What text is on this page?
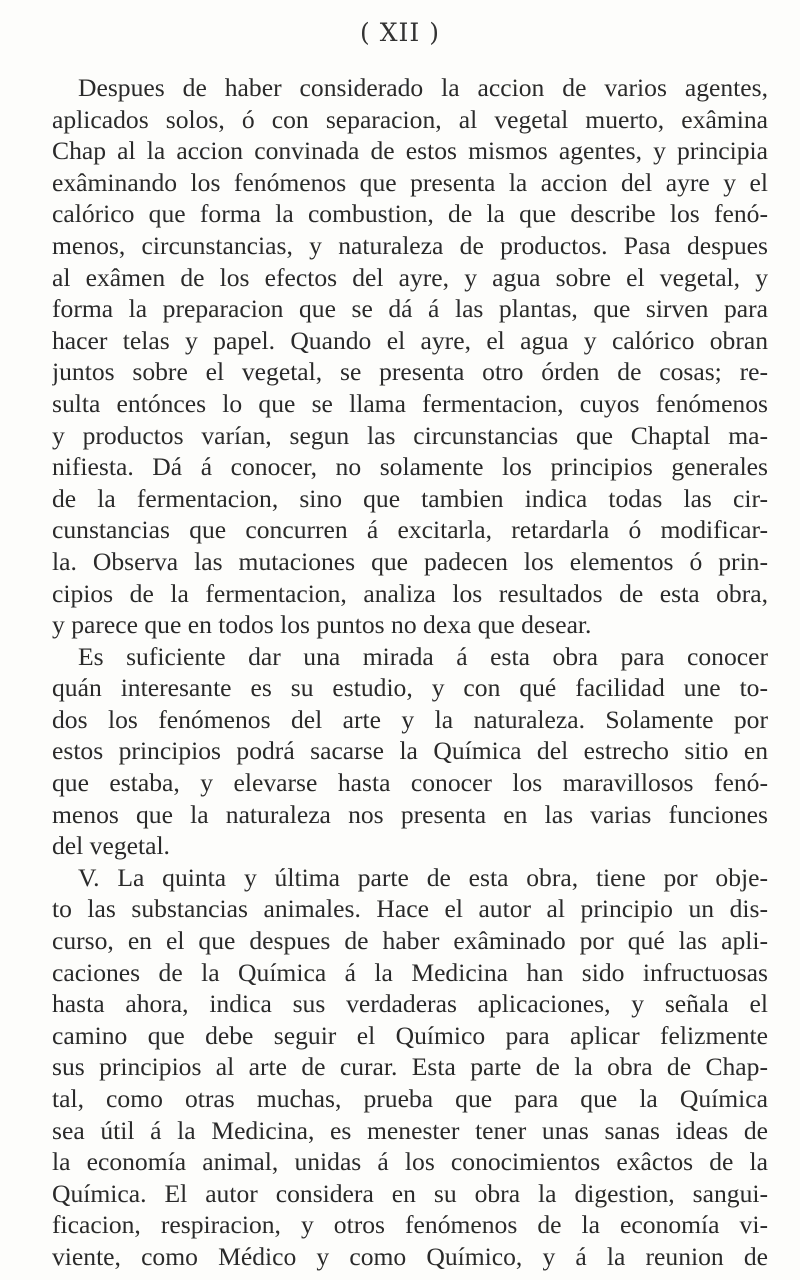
( XII )
Despues de haber considerado la accion de varios agentes,
aplicados solos, ó con separacion, al vegetal muerto, exâmina
Chap al la accion convinada de estos mismos agentes, y principia
exâminando los fenómenos que presenta la accion del ayre y el
calórico que forma la combustion, de la que describe los fenó-
menos, circunstancias, y naturaleza de productos. Pasa despues
al exâmen de los efectos del ayre, y agua sobre el vegetal, y
forma la preparacion que se dá á las plantas, que sirven para
hacer telas y papel. Quando el ayre, el agua y calórico obran
juntos sobre el vegetal, se presenta otro órden de cosas; re-
sulta entónces lo que se llama fermentacion, cuyos fenómenos
y productos varían, segun las circunstancias que Chaptal ma-
nifiesta. Dá á conocer, no solamente los principios generales
de la fermentacion, sino que tambien indica todas las cir-
cunstancias que concurren á excitarla, retardarla ó modificar-
la. Observa las mutaciones que padecen los elementos ó prin-
cipios de la fermentacion, analiza los resultados de esta obra,
y parece que en todos los puntos no dexa que desear.
Es suficiente dar una mirada á esta obra para conocer
quán interesante es su estudio, y con qué facilidad une to-
dos los fenómenos del arte y la naturaleza. Solamente por
estos principios podrá sacarse la Química del estrecho sitio en
que estaba, y elevarse hasta conocer los maravillosos fenó-
menos que la naturaleza nos presenta en las varias funciones
del vegetal.
V. La quinta y última parte de esta obra, tiene por obje-
to las substancias animales. Hace el autor al principio un dis-
curso, en el que despues de haber exâminado por qué las apli-
caciones de la Química á la Medicina han sido infructuosas
hasta ahora, indica sus verdaderas aplicaciones, y señala el
camino que debe seguir el Químico para aplicar felizmente
sus principios al arte de curar. Esta parte de la obra de Chap-
tal, como otras muchas, prueba que para que la Química
sea útil á la Medicina, es menester tener unas sanas ideas de
la economía animal, unidas á los conocimientos exâctos de la
Química. El autor considera en su obra la digestion, sangui-
ficacion, respiracion, y otros fenómenos de la economía vi-
viente, como Médico y como Químico, y á la reunion de
